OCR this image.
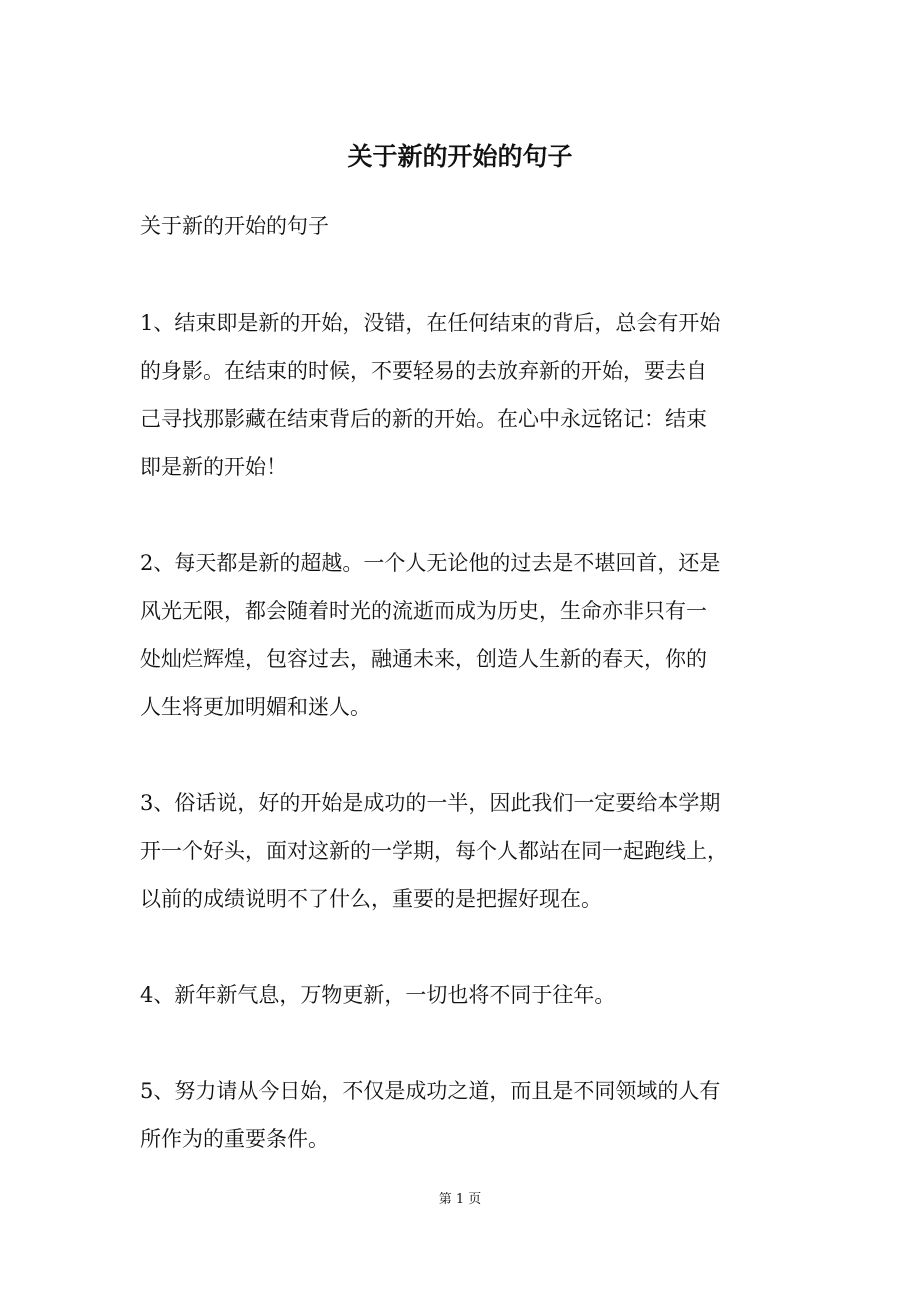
关于新的开始的句子

关于新的开始的句子

1、结束即是新的开始，没错，在任何结束的背后，总会有开始
的身影。在结束的时候，不要轻易的去放弃新的开始，要去自
己寻找那影藏在结束背后的新的开始。在心中永远铭记：结束
即是新的开始！

2、每天都是新的超越。一个人无论他的过去是不堪回首，还是
风光无限，都会随着时光的流逝而成为历史，生命亦非只有一
处灿烂辉煌，包容过去，融通未来，创造人生新的春天，你的
人生将更加明媚和迷人。

3、俗话说，好的开始是成功的一半，因此我们一定要给本学期
开一个好头，面对这新的一学期，每个人都站在同一起跑线上，
以前的成绩说明不了什么，重要的是把握好现在。

4、新年新气息，万物更新，一切也将不同于往年。

5、努力请从今日始，不仅是成功之道，而且是不同领域的人有
所作为的重要条件。

第 1 页
